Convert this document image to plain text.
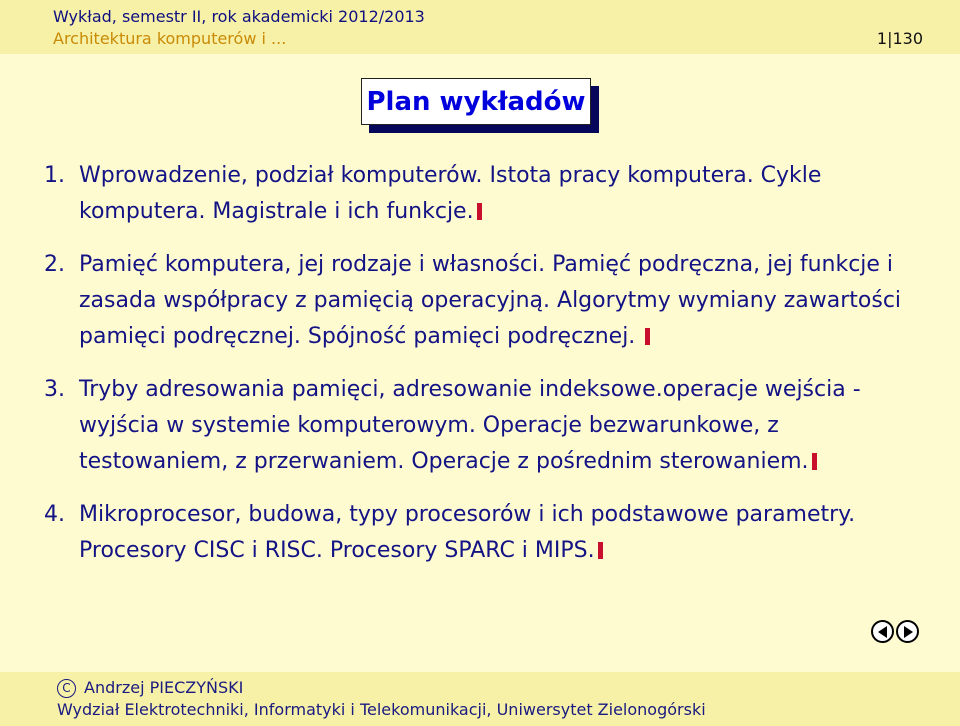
Wykład, semestr II, rok akademicki 2012/2013
Architektura komputerów i ...	1|130
Plan wykładów
1. Wprowadzenie, podział komputerów. Istota pracy komputera. Cykle komputera. Magistrale i ich funkcje.
2. Pamięć komputera, jej rodzaje i własności. Pamięć podręczna, jej funkcje i zasada współpracy z pamięcią operacyjną. Algorytmy wymiany zawartości pamięci podręcznej. Spójność pamięci podręcznej.
3. Tryby adresowania pamięci, adresowanie indeksowe.operacje wejścia - wyjścia w systemie komputerowym. Operacje bezwarunkowe, z testowaniem, z przerwaniem. Operacje z pośrednim sterowaniem.
4. Mikroprocesor, budowa, typy procesorów i ich podstawowe parametry. Procesory CISC i RISC. Procesory SPARC i MIPS.
C Andrzej PIECZYŃSKI
Wydział Elektrotechniki, Informatyki i Telekomunikacji, Uniwersytet Zielonogórski
